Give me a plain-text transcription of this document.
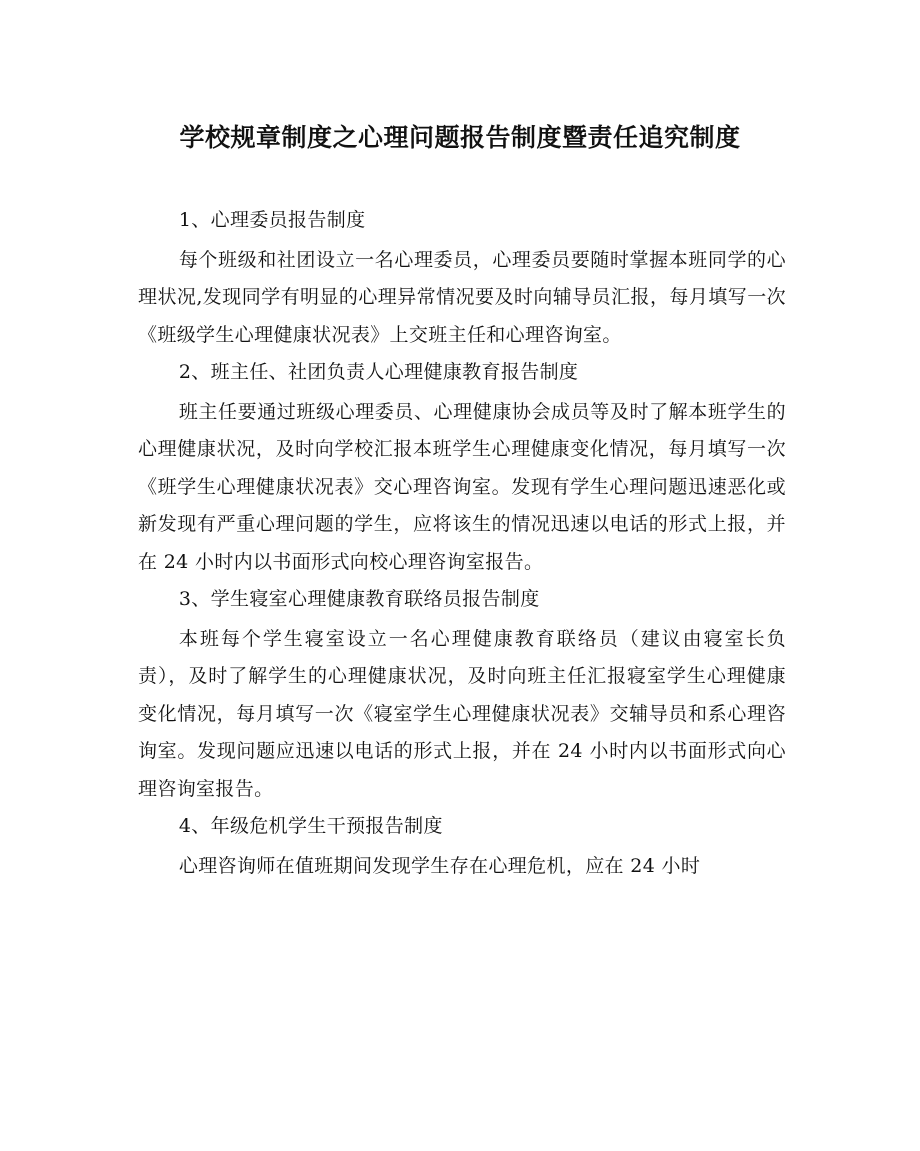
学校规章制度之心理问题报告制度暨责任追究制度

1、心理委员报告制度

每个班级和社团设立一名心理委员，心理委员要随时掌握本班同学的心理状况,发现同学有明显的心理异常情况要及时向辅导员汇报，每月填写一次《班级学生心理健康状况表》上交班主任和心理咨询室。

2、班主任、社团负责人心理健康教育报告制度

班主任要通过班级心理委员、心理健康协会成员等及时了解本班学生的心理健康状况，及时向学校汇报本班学生心理健康变化情况，每月填写一次《班学生心理健康状况表》交心理咨询室。发现有学生心理问题迅速恶化或新发现有严重心理问题的学生，应将该生的情况迅速以电话的形式上报，并在 24 小时内以书面形式向校心理咨询室报告。

3、学生寝室心理健康教育联络员报告制度

本班每个学生寝室设立一名心理健康教育联络员（建议由寝室长负责），及时了解学生的心理健康状况，及时向班主任汇报寝室学生心理健康变化情况，每月填写一次《寝室学生心理健康状况表》交辅导员和系心理咨询室。发现问题应迅速以电话的形式上报，并在 24 小时内以书面形式向心理咨询室报告。

4、年级危机学生干预报告制度

心理咨询师在值班期间发现学生存在心理危机，应在 24 小时
